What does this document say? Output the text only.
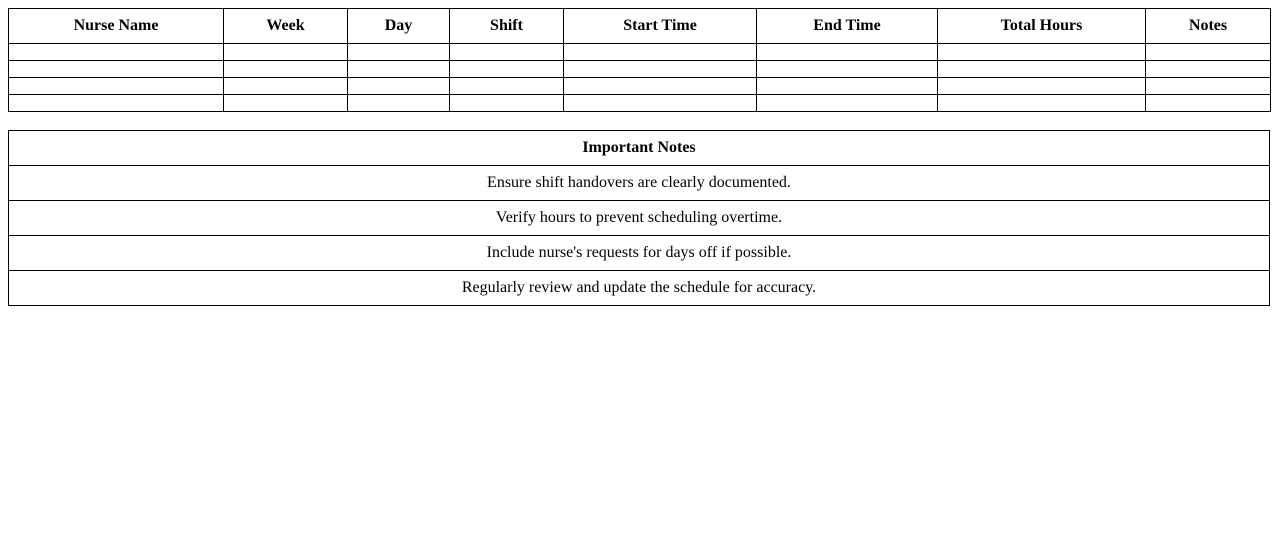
Nurse Name	Week	Day	Shift	Start Time	End Time	Total Hours	Notes

Important Notes
Ensure shift handovers are clearly documented.
Verify hours to prevent scheduling overtime.
Include nurse's requests for days off if possible.
Regularly review and update the schedule for accuracy.
